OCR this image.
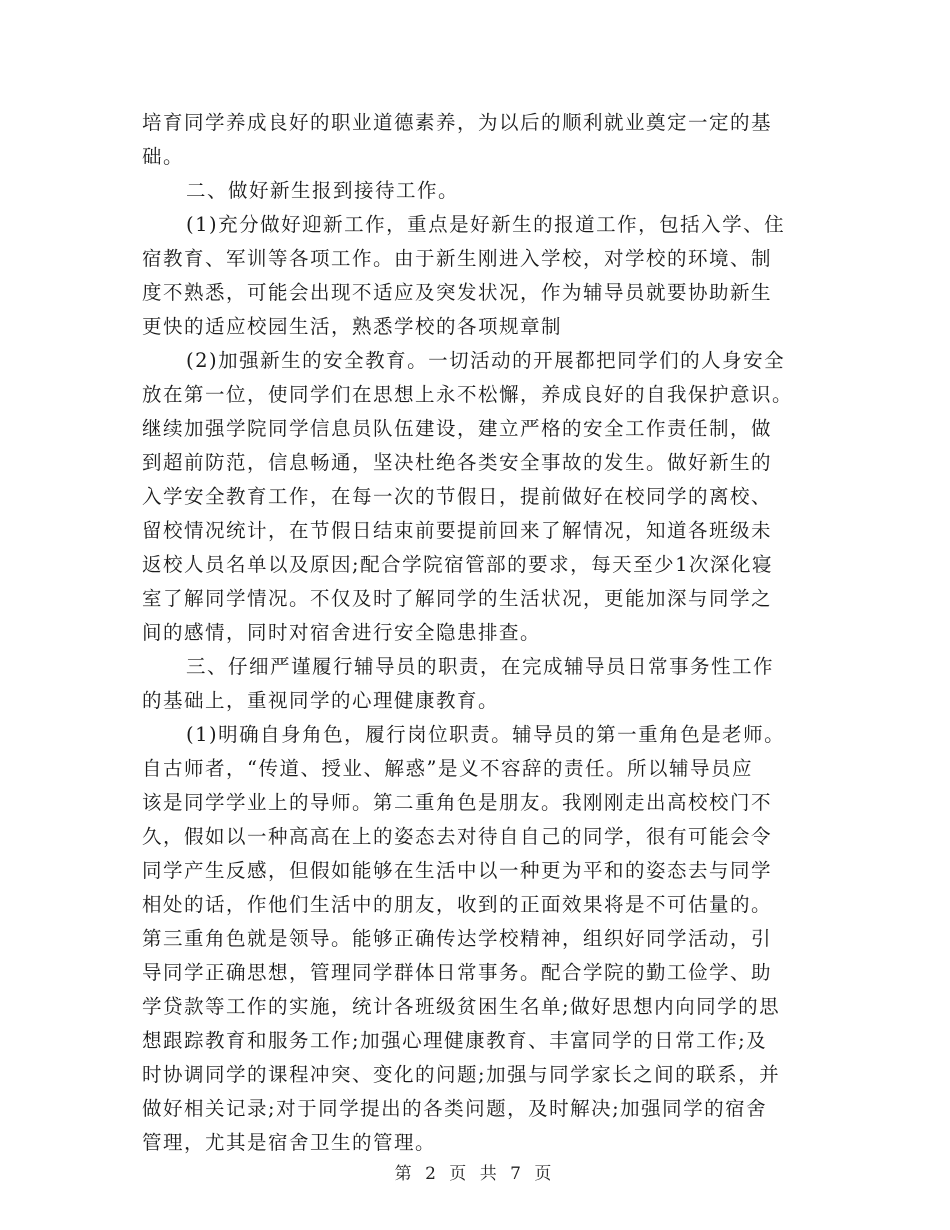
培育同学养成良好的职业道德素养，为以后的顺利就业奠定一定的基
础。
二、做好新生报到接待工作。
(1)充分做好迎新工作，重点是好新生的报道工作，包括入学、住
宿教育、军训等各项工作。由于新生刚进入学校，对学校的环境、制
度不熟悉，可能会出现不适应及突发状况，作为辅导员就要协助新生
更快的适应校园生活，熟悉学校的各项规章制
(2)加强新生的安全教育。一切活动的开展都把同学们的人身安全
放在第一位，使同学们在思想上永不松懈，养成良好的自我保护意识。
继续加强学院同学信息员队伍建设，建立严格的安全工作责任制，做
到超前防范，信息畅通，坚决杜绝各类安全事故的发生。做好新生的
入学安全教育工作，在每一次的节假日，提前做好在校同学的离校、
留校情况统计，在节假日结束前要提前回来了解情况，知道各班级未
返校人员名单以及原因;配合学院宿管部的要求，每天至少1次深化寝
室了解同学情况。不仅及时了解同学的生活状况，更能加深与同学之
间的感情，同时对宿舍进行安全隐患排查。
三、仔细严谨履行辅导员的职责，在完成辅导员日常事务性工作
的基础上，重视同学的心理健康教育。
(1)明确自身角色，履行岗位职责。辅导员的第一重角色是老师。
自古师者，“传道、授业、解惑”是义不容辞的责任。所以辅导员应
该是同学学业上的导师。第二重角色是朋友。我刚刚走出高校校门不
久，假如以一种高高在上的姿态去对待自自己的同学，很有可能会令
同学产生反感，但假如能够在生活中以一种更为平和的姿态去与同学
相处的话，作他们生活中的朋友，收到的正面效果将是不可估量的。
第三重角色就是领导。能够正确传达学校精神，组织好同学活动，引
导同学正确思想，管理同学群体日常事务。配合学院的勤工俭学、助
学贷款等工作的实施，统计各班级贫困生名单;做好思想内向同学的思
想跟踪教育和服务工作;加强心理健康教育、丰富同学的日常工作;及
时协调同学的课程冲突、变化的问题;加强与同学家长之间的联系，并
做好相关记录;对于同学提出的各类问题，及时解决;加强同学的宿舍
管理，尤其是宿舍卫生的管理。
第 2 页 共 7 页
